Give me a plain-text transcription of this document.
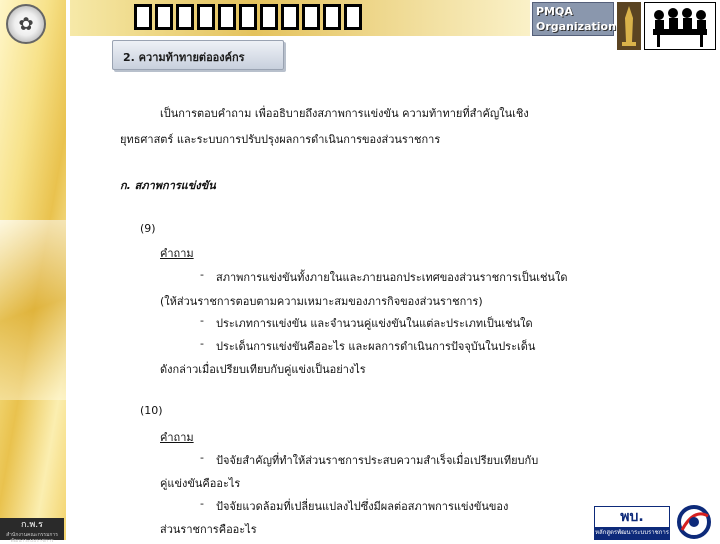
✿
PMQA
Organization
2. ความท้าทายต่อองค์กร
เป็นการตอบคำถาม เพื่ออธิบายถึงสภาพการแข่งขัน ความท้าทายที่สำคัญในเชิง
ยุทธศาสตร์ และระบบการปรับปรุงผลการดำเนินการของส่วนราชการ
ก. สภาพการแข่งขัน
(9)
คำถาม
- สภาพการแข่งขันทั้งภายในและภายนอกประเทศของส่วนราชการเป็นเช่นใด
(ให้ส่วนราชการตอบตามความเหมาะสมของภารกิจของส่วนราชการ)
- ประเภทการแข่งขัน และจำนวนคู่แข่งขันในแต่ละประเภทเป็นเช่นใด
- ประเด็นการแข่งขันคืออะไร และผลการดำเนินการปัจจุบันในประเด็น
ดังกล่าวเมื่อเปรียบเทียบกับคู่แข่งเป็นอย่างไร
(10)
คำถาม
- ปัจจัยสำคัญที่ทำให้ส่วนราชการประสบความสำเร็จเมื่อเปรียบเทียบกับ
คู่แข่งขันคืออะไร
- ปัจจัยแวดล้อมที่เปลี่ยนแปลงไปซึ่งมีผลต่อสภาพการแข่งขันของ
ส่วนราชการคืออะไร
ก.พ.ร
สำนักงานคณะกรรมการพัฒนาระบบราชการ
พบ.
หลักสูตรพัฒนาระบบราชการ
